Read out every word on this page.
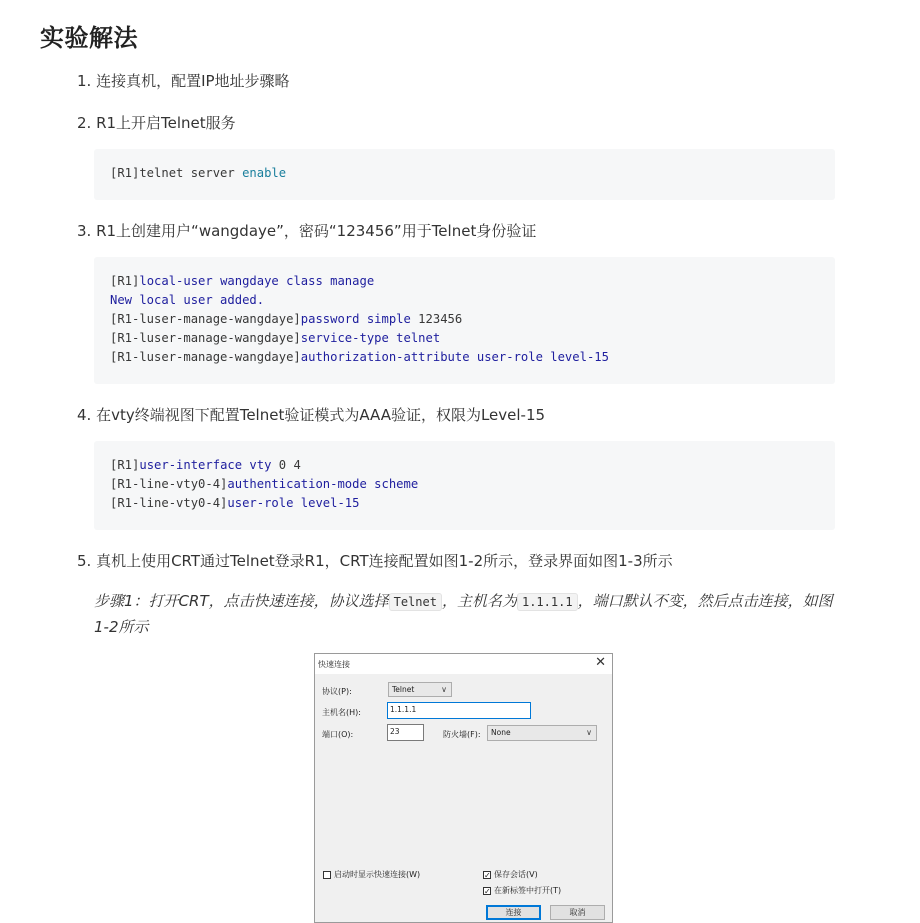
实验解法
1. 连接真机，配置IP地址步骤略
2. R1上开启Telnet服务
[R1]telnet server enable
3. R1上创建用户“wangdaye”，密码“123456”用于Telnet身份验证
[R1]local-user wangdaye class manage
New local user added.
[R1-luser-manage-wangdaye]password simple 123456
[R1-luser-manage-wangdaye]service-type telnet
[R1-luser-manage-wangdaye]authorization-attribute user-role level-15
4. 在vty终端视图下配置Telnet验证模式为AAA验证，权限为Level-15
[R1]user-interface vty 0 4
[R1-line-vty0-4]authentication-mode scheme
[R1-line-vty0-4]user-role level-15
5. 真机上使用CRT通过Telnet登录R1，CRT连接配置如图1-2所示，登录界面如图1-3所示
步骤1：打开CRT，点击快速连接，协议选择 Telnet ，主机名为 1.1.1.1 ，端口默认不变，然后点击连接，如图1-2所示
快速连接	✕
协议(P):	Telnet	∨
主机名(H):	1.1.1.1
端口(O):	23	防火墙(F):	None	∨
启动时显示快速连接(W)	✓ 保存会话(V)
✓ 在新标签中打开(T)
连接	取消
